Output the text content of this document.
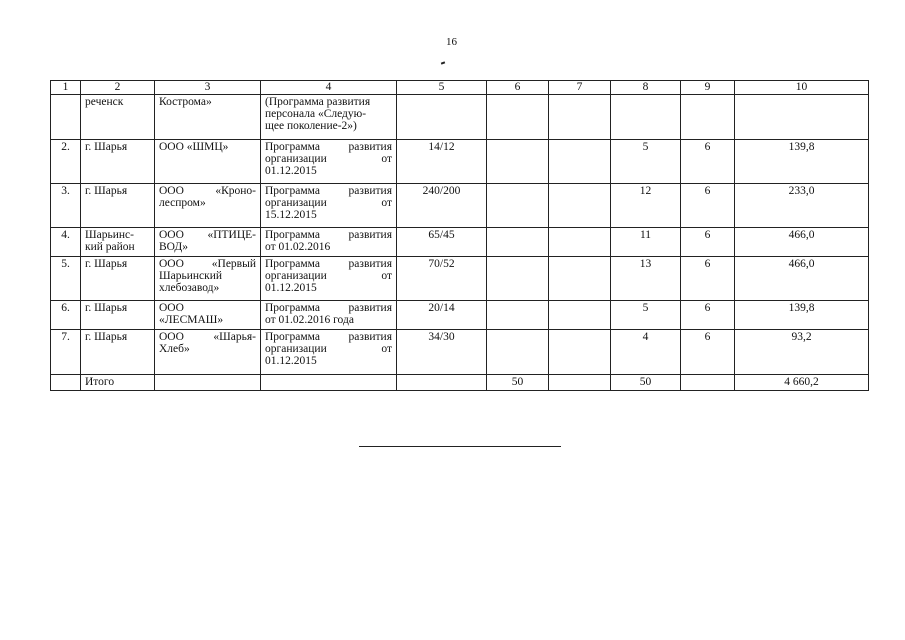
16
1	2	3	4	5	6	7	8	9	10
	реченск	Кострома»	(Программа развития
персонала «Следую-
щее поколение-2»)						

2.	г. Шарья	ООО «ШМЦ»	Программа развития
организации от
01.12.2015	14/12			5	6	139,8
3.	г. Шарья	ООО «Кроно-
леспром»	Программа развития
организации от
15.12.2015	240/200			12	6	233,0
4.	Шарьинс-
кий район	ООО «ПТИЦЕ-
ВОД»	Программа развития
от 01.02.2016	65/45			11	6	466,0
5.	г. Шарья	ООО «Первый
Шарьинский
хлебозавод»	Программа развития
организации от
01.12.2015	70/52			13	6	466,0
6.	г. Шарья	ООО
«ЛЕСМАШ»	Программа развития
от 01.02.2016 года	20/14			5	6	139,8
7.	г. Шарья	ООО «Шарья-
Хлеб»	Программа развития
организации от
01.12.2015	34/30			4	6	93,2
	Итого				50		50		4 660,2
